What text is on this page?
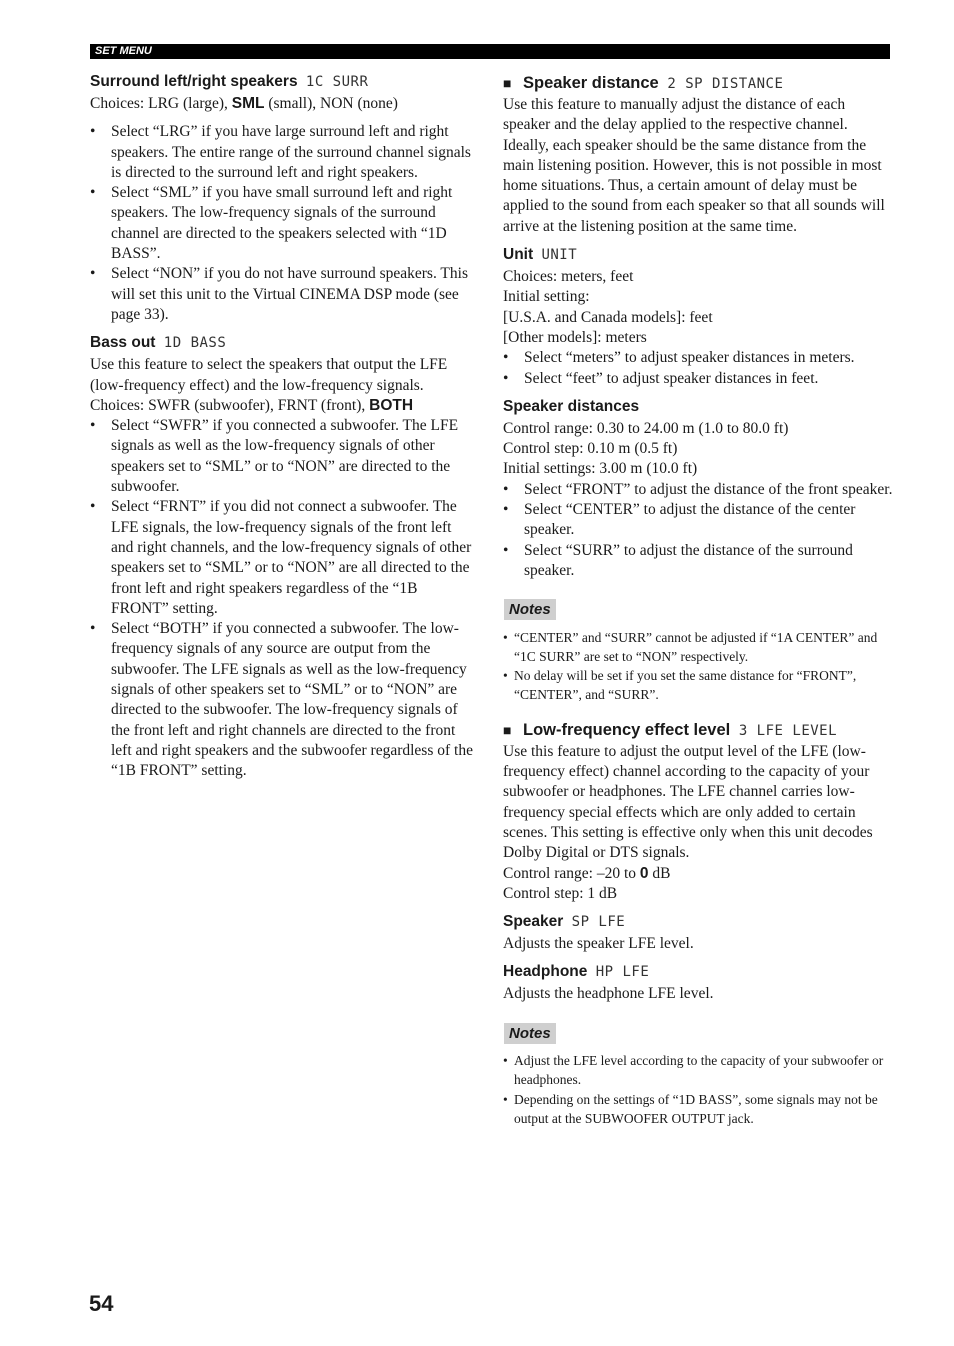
SET MENU

Surround left/right speakers 1C SURR

Choices: LRG (large), SML (small), NON (none)

• Select “LRG” if you have large surround left and right speakers. The entire range of the surround channel signals is directed to the surround left and right speakers.
• Select “SML” if you have small surround left and right speakers. The low-frequency signals of the surround channel are directed to the speakers selected with “1D BASS”.
• Select “NON” if you do not have surround speakers. This will set this unit to the Virtual CINEMA DSP mode (see page 33).

Bass out 1D BASS

Use this feature to select the speakers that output the LFE (low-frequency effect) and the low-frequency signals.

Choices: SWFR (subwoofer), FRNT (front), BOTH

• Select “SWFR” if you connected a subwoofer. The LFE signals as well as the low-frequency signals of other speakers set to “SML” or to “NON” are directed to the subwoofer.
• Select “FRNT” if you did not connect a subwoofer. The LFE signals, the low-frequency signals of the front left and right channels, and the low-frequency signals of other speakers set to “SML” or to “NON” are all directed to the front left and right speakers regardless of the “1B FRONT” setting.
• Select “BOTH” if you connected a subwoofer. The low-frequency signals of any source are output from the subwoofer. The LFE signals as well as the low-frequency signals of other speakers set to “SML” or to “NON” are directed to the subwoofer. The low-frequency signals of the front left and right channels are directed to the front left and right speakers and the subwoofer regardless of the “1B FRONT” setting.

■ Speaker distance 2 SP DISTANCE

Use this feature to manually adjust the distance of each speaker and the delay applied to the respective channel. Ideally, each speaker should be the same distance from the main listening position. However, this is not possible in most home situations. Thus, a certain amount of delay must be applied to the sound from each speaker so that all sounds will arrive at the listening position at the same time.

Unit UNIT

Choices: meters, feet

Initial setting:

[U.S.A. and Canada models]: feet

[Other models]: meters

• Select “meters” to adjust speaker distances in meters.
• Select “feet” to adjust speaker distances in feet.

Speaker distances

Control range: 0.30 to 24.00 m (1.0 to 80.0 ft)

Control step: 0.10 m (0.5 ft)

Initial settings: 3.00 m (10.0 ft)

• Select “FRONT” to adjust the distance of the front speaker.
• Select “CENTER” to adjust the distance of the center speaker.
• Select “SURR” to adjust the distance of the surround speaker.
Notes
• “CENTER” and “SURR” cannot be adjusted if “1A CENTER” and “1C SURR” are set to “NON” respectively.
• No delay will be set if you set the same distance for “FRONT”, “CENTER”, and “SURR”.

■ Low-frequency effect level 3 LFE LEVEL

Use this feature to adjust the output level of the LFE (low-frequency effect) channel according to the capacity of your subwoofer or headphones. The LFE channel carries low-frequency special effects which are only added to certain scenes. This setting is effective only when this unit decodes Dolby Digital or DTS signals.

Control range: –20 to 0 dB

Control step: 1 dB

Speaker SP LFE

Adjusts the speaker LFE level.

Headphone HP LFE

Adjusts the headphone LFE level.

Notes
• Adjust the LFE level according to the capacity of your subwoofer or headphones.
• Depending on the settings of “1D BASS”, some signals may not be output at the SUBWOOFER OUTPUT jack.
54
